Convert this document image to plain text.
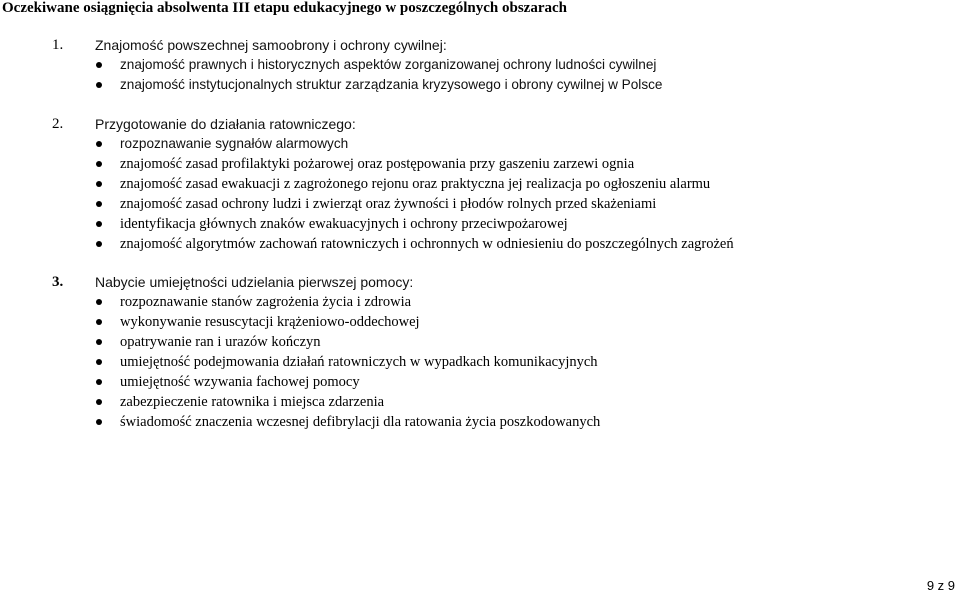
Oczekiwane osiągnięcia absolwenta III etapu edukacyjnego w poszczególnych obszarach
1. Znajomość powszechnej samoobrony i ochrony cywilnej:
znajomość prawnych i historycznych aspektów zorganizowanej ochrony ludności cywilnej
znajomość instytucjonalnych struktur zarządzania kryzysowego i obrony cywilnej w Polsce
2. Przygotowanie do działania ratowniczego:
rozpoznawanie sygnałów alarmowych
znajomość zasad profilaktyki pożarowej oraz postępowania przy gaszeniu zarzewi ognia
znajomość zasad ewakuacji z zagrożonego rejonu oraz praktyczna jej realizacja po ogłoszeniu alarmu
znajomość zasad ochrony ludzi i zwierząt oraz żywności i płodów rolnych przed skażeniami
identyfikacja głównych znaków ewakuacyjnych i ochrony przeciwpożarowej
znajomość algorytmów zachowań ratowniczych i ochronnych w odniesieniu do poszczególnych zagrożeń
3. Nabycie umiejętności udzielania pierwszej pomocy:
rozpoznawanie stanów zagrożenia życia i zdrowia
wykonywanie resuscytacji krążeniowo-oddechowej
opatrywanie ran i urazów kończyn
umiejętność podejmowania działań ratowniczych w wypadkach komunikacyjnych
umiejętność wzywania fachowej pomocy
zabezpieczenie ratownika i miejsca zdarzenia
świadomość znaczenia wczesnej defibrylacji dla ratowania życia poszkodowanych
9 z 9
